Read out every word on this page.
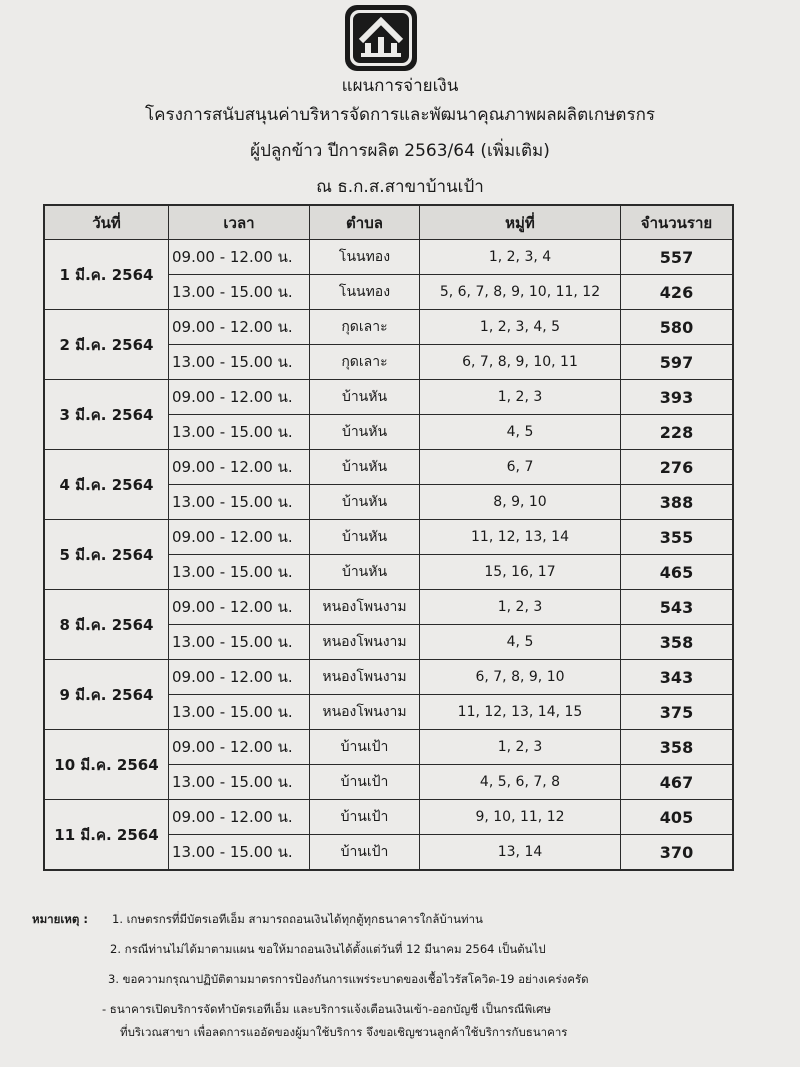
แผนการจ่ายเงิน
โครงการสนับสนุนค่าบริหารจัดการและพัฒนาคุณภาพผลผลิตเกษตรกร
ผู้ปลูกข้าว ปีการผลิต 2563/64 (เพิ่มเติม)
ณ ธ.ก.ส.สาขาบ้านเป้า
วันที่	เวลา	ตำบล	หมู่ที่	จำนวนราย
1 มี.ค. 2564	09.00 - 12.00 น.	โนนทอง	1, 2, 3, 4	557
	13.00 - 15.00 น.	โนนทอง	5, 6, 7, 8, 9, 10, 11, 12	426
2 มี.ค. 2564	09.00 - 12.00 น.	กุดเลาะ	1, 2, 3, 4, 5	580
	13.00 - 15.00 น.	กุดเลาะ	6, 7, 8, 9, 10, 11	597
3 มี.ค. 2564	09.00 - 12.00 น.	บ้านหัน	1, 2, 3	393
	13.00 - 15.00 น.	บ้านหัน	4, 5	228
4 มี.ค. 2564	09.00 - 12.00 น.	บ้านหัน	6, 7	276
	13.00 - 15.00 น.	บ้านหัน	8, 9, 10	388
5 มี.ค. 2564	09.00 - 12.00 น.	บ้านหัน	11, 12, 13, 14	355
	13.00 - 15.00 น.	บ้านหัน	15, 16, 17	465
8 มี.ค. 2564	09.00 - 12.00 น.	หนองโพนงาม	1, 2, 3	543
	13.00 - 15.00 น.	หนองโพนงาม	4, 5	358
9 มี.ค. 2564	09.00 - 12.00 น.	หนองโพนงาม	6, 7, 8, 9, 10	343
	13.00 - 15.00 น.	หนองโพนงาม	11, 12, 13, 14, 15	375
10 มี.ค. 2564	09.00 - 12.00 น.	บ้านเป้า	1, 2, 3	358
	13.00 - 15.00 น.	บ้านเป้า	4, 5, 6, 7, 8	467
11 มี.ค. 2564	09.00 - 12.00 น.	บ้านเป้า	9, 10, 11, 12	405
	13.00 - 15.00 น.	บ้านเป้า	13, 14	370
หมายเหตุ : 1. เกษตรกรที่มีบัตรเอทีเอ็ม สามารถถอนเงินได้ทุกตู้ทุกธนาคารใกล้บ้านท่าน
2. กรณีท่านไม่ได้มาตามแผน ขอให้มาถอนเงินได้ตั้งแต่วันที่ 12 มีนาคม 2564 เป็นต้นไป
3. ขอความกรุณาปฏิบัติตามมาตรการป้องกันการแพร่ระบาดของเชื้อไวรัสโควิด-19 อย่างเคร่งครัด
- ธนาคารเปิดบริการจัดทำบัตรเอทีเอ็ม และบริการแจ้งเตือนเงินเข้า-ออกบัญชี เป็นกรณีพิเศษ
ที่บริเวณสาขา เพื่อลดการแออัดของผู้มาใช้บริการ จึงขอเชิญชวนลูกค้าใช้บริการกับธนาคาร
